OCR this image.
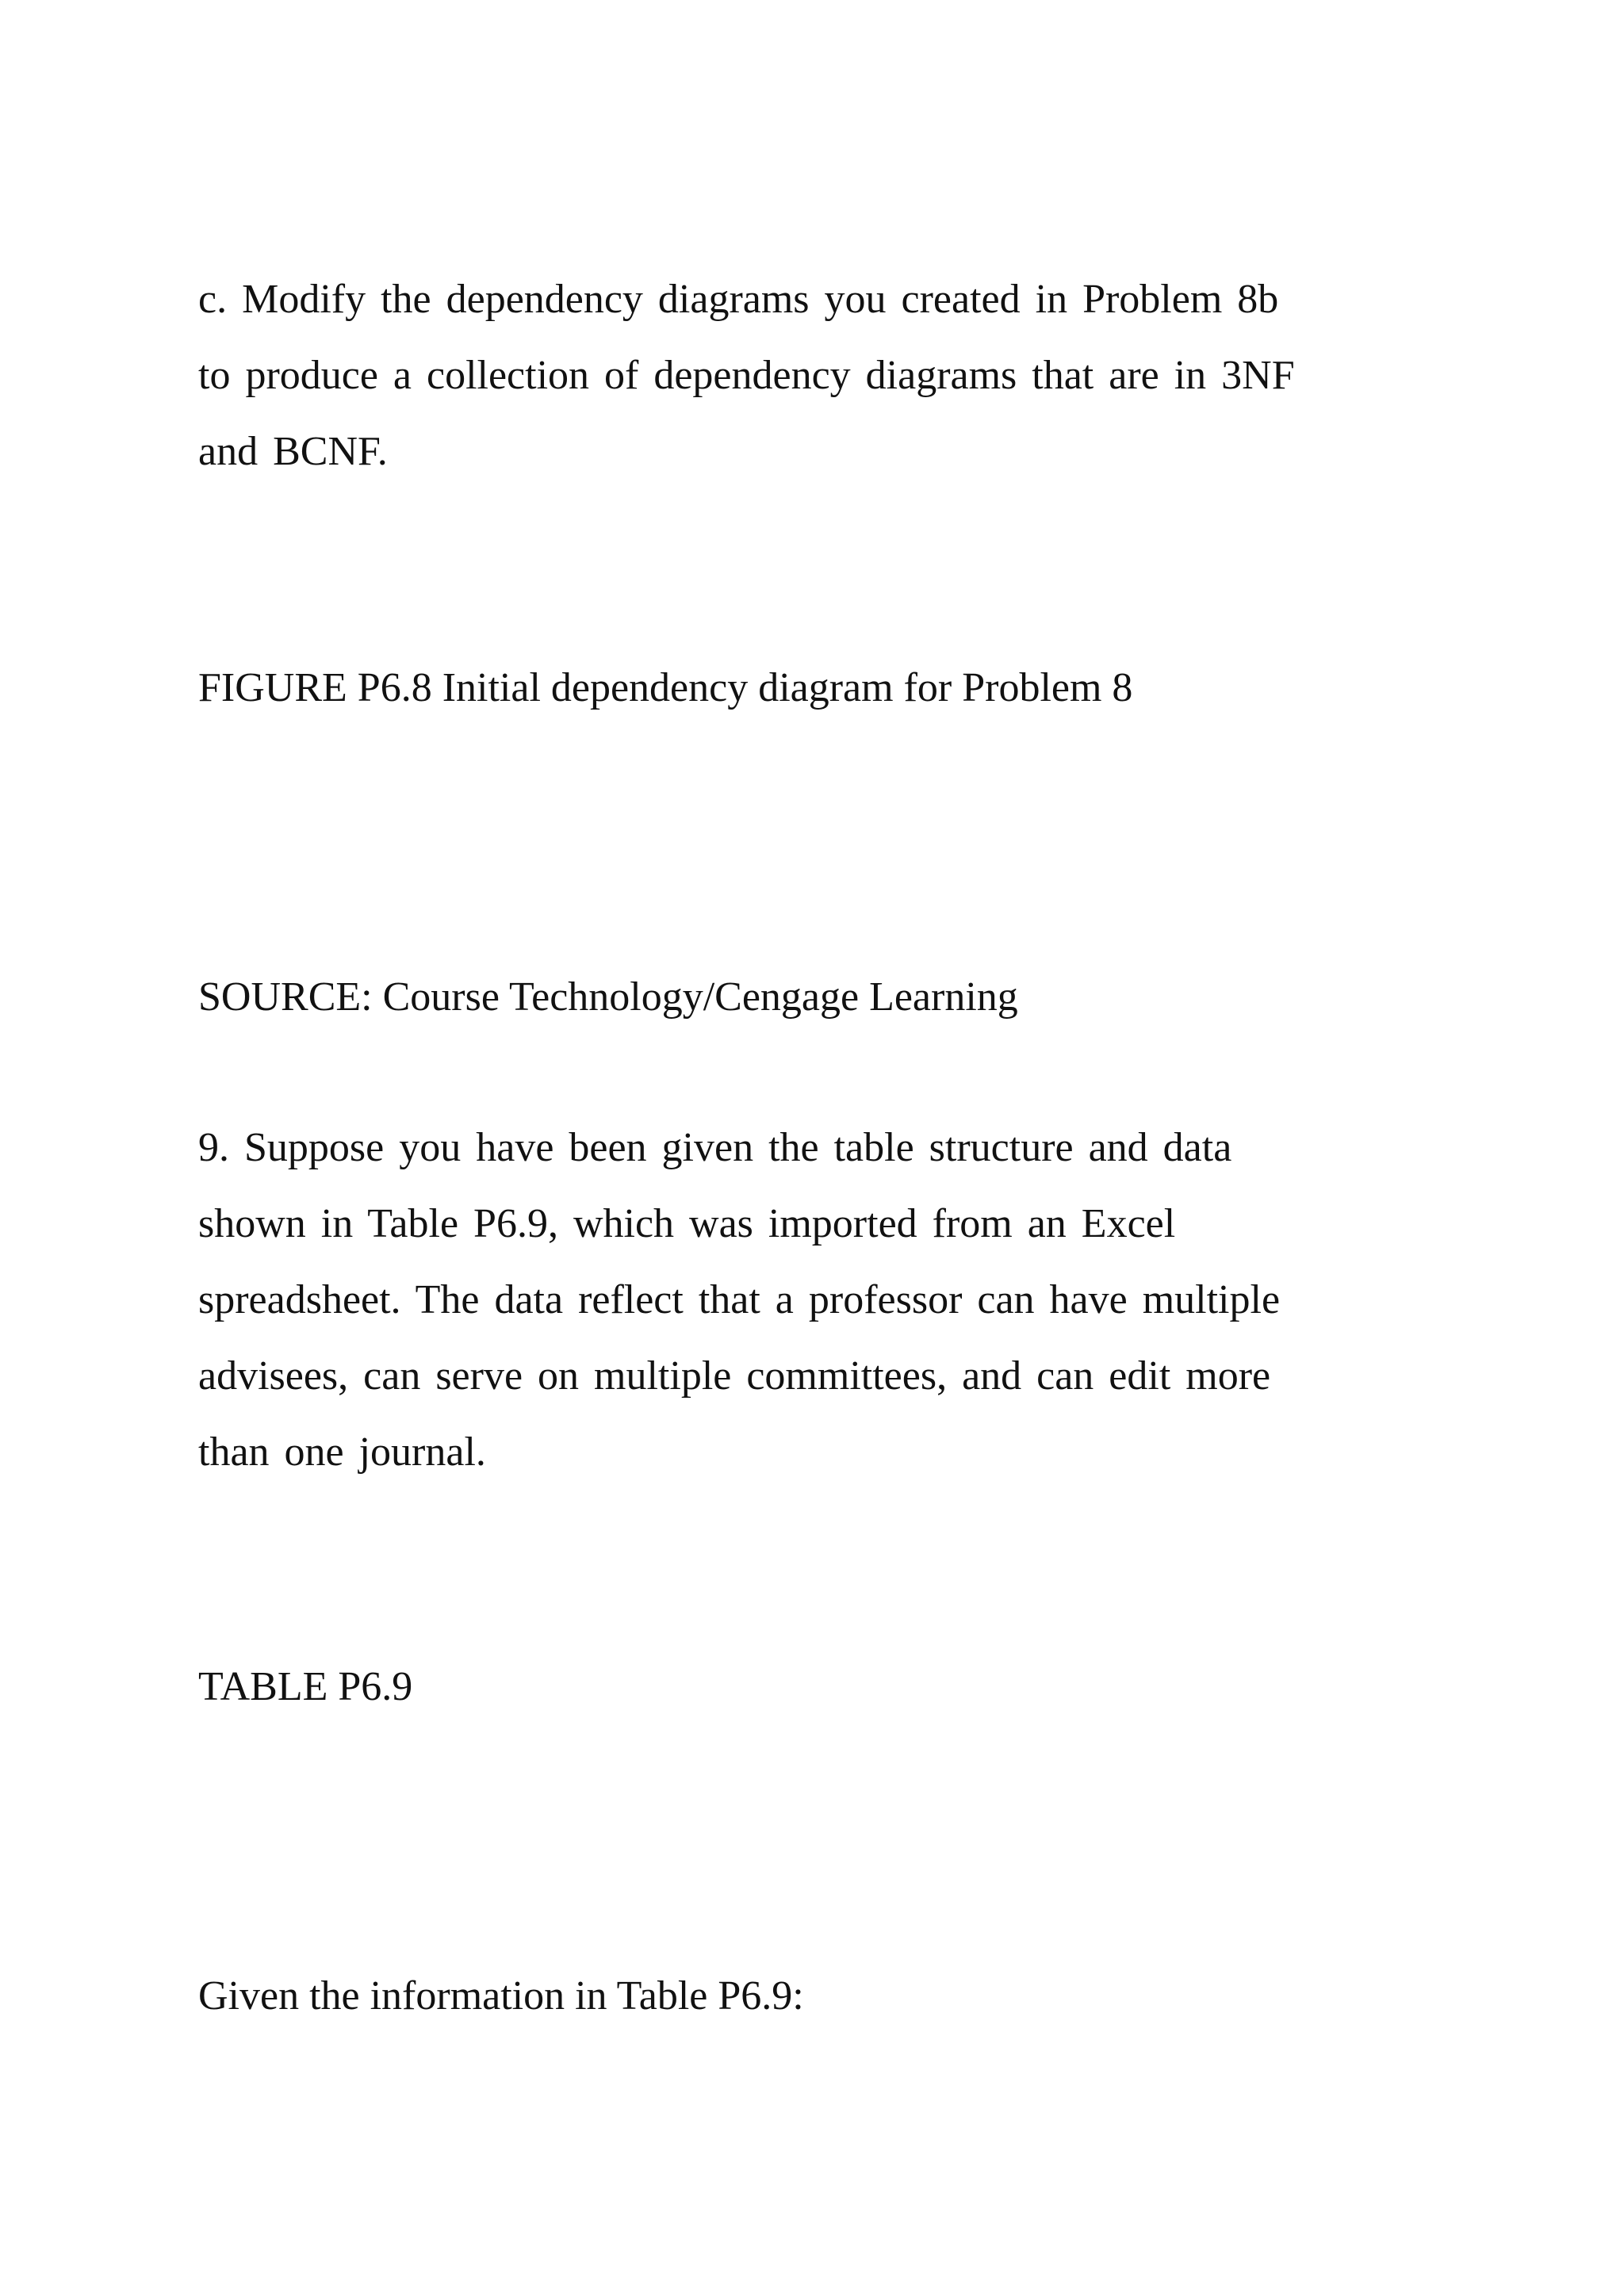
c. Modify the dependency diagrams you created in Problem 8b
to produce a collection of dependency diagrams that are in 3NF
and BCNF.

FIGURE P6.8 Initial dependency diagram for Problem 8

SOURCE: Course Technology/Cengage Learning

9. Suppose you have been given the table structure and data
shown in Table P6.9, which was imported from an Excel
spreadsheet. The data reflect that a professor can have multiple
advisees, can serve on multiple committees, and can edit more
than one journal.

TABLE P6.9

Given the information in Table P6.9:
